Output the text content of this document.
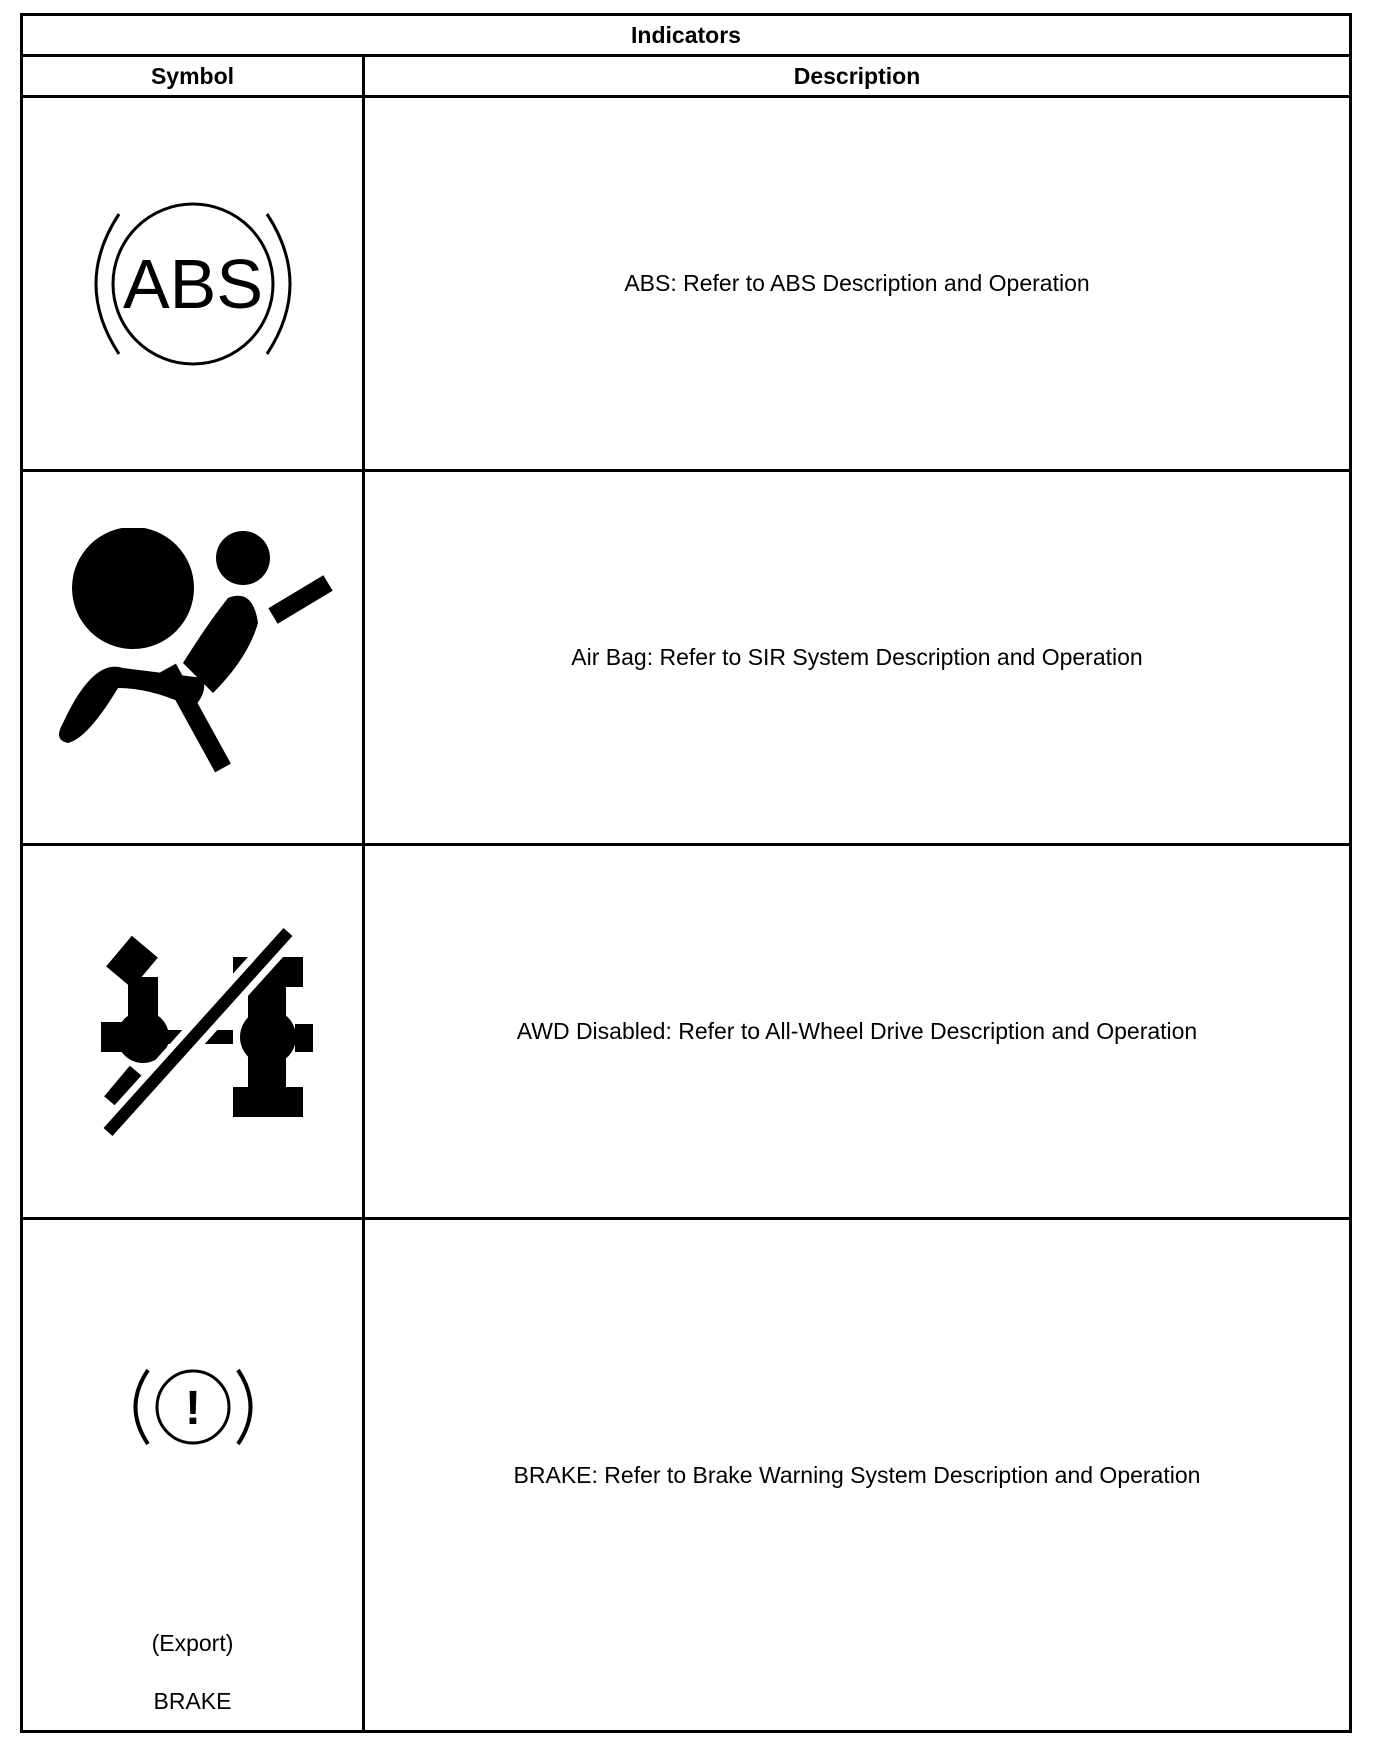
Indicators	
Symbol	Description

ABS	ABS: Refer to ABS Description and Operation

	Air Bag: Refer to SIR System Description and Operation

	AWD Disabled: Refer to All-Wheel Drive Description and Operation

!
(Export)
BRAKE	BRAKE: Refer to Brake Warning System Description and Operation
